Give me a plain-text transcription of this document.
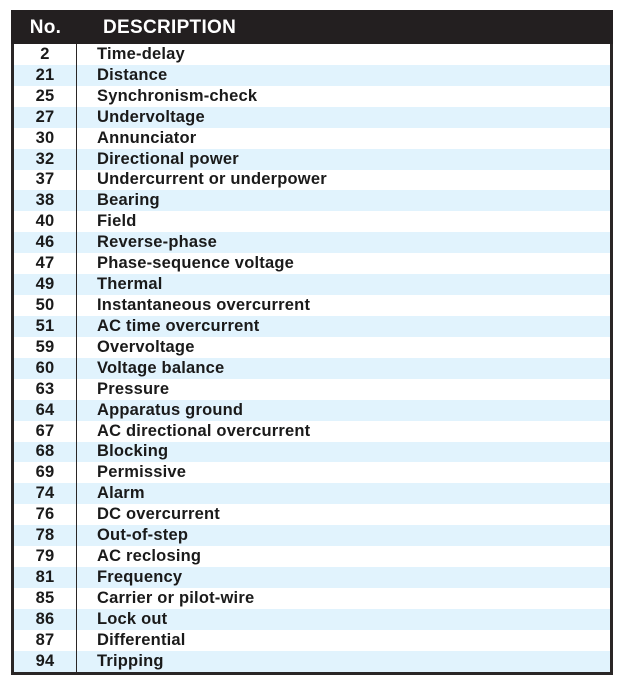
No.	DESCRIPTION
2	Time-delay
21	Distance
25	Synchronism-check
27	Undervoltage
30	Annunciator
32	Directional power
37	Undercurrent or underpower
38	Bearing
40	Field
46	Reverse-phase
47	Phase-sequence voltage
49	Thermal
50	Instantaneous overcurrent
51	AC time overcurrent
59	Overvoltage
60	Voltage balance
63	Pressure
64	Apparatus ground
67	AC directional overcurrent
68	Blocking
69	Permissive
74	Alarm
76	DC overcurrent
78	Out-of-step
79	AC reclosing
81	Frequency
85	Carrier or pilot-wire
86	Lock out
87	Differential
94	Tripping
